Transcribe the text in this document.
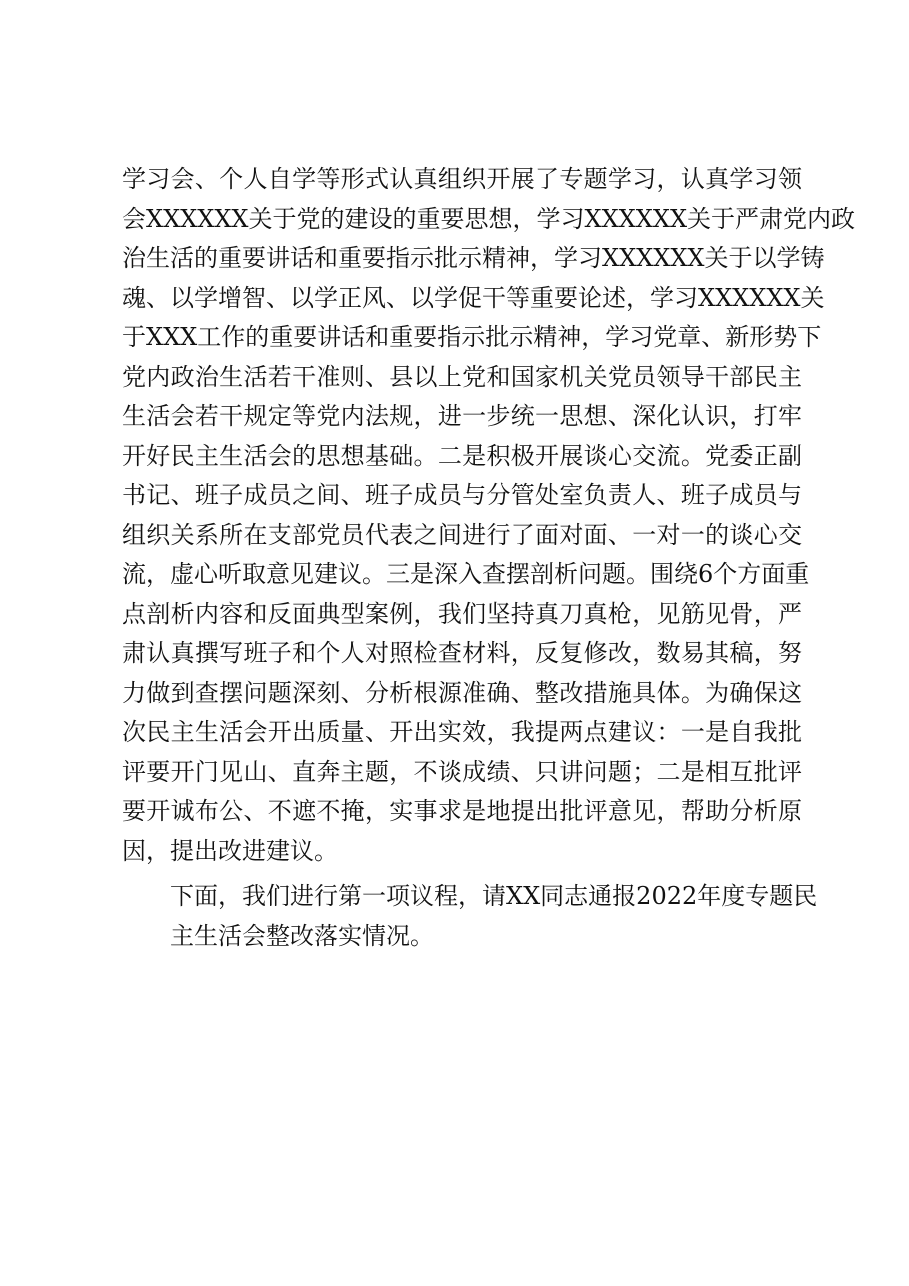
学习会、个人自学等形式认真组织开展了专题学习，认真学习领
会XXXXXX关于党的建设的重要思想，学习XXXXXX关于严肃党内政
治生活的重要讲话和重要指示批示精神，学习XXXXXX关于以学铸
魂、以学增智、以学正风、以学促干等重要论述，学习XXXXXX关
于XXX工作的重要讲话和重要指示批示精神，学习党章、新形势下
党内政治生活若干准则、县以上党和国家机关党员领导干部民主
生活会若干规定等党内法规，进一步统一思想、深化认识，打牢
开好民主生活会的思想基础。二是积极开展谈心交流。党委正副
书记、班子成员之间、班子成员与分管处室负责人、班子成员与
组织关系所在支部党员代表之间进行了面对面、一对一的谈心交
流，虚心听取意见建议。三是深入查摆剖析问题。围绕6个方面重
点剖析内容和反面典型案例，我们坚持真刀真枪，见筋见骨，严
肃认真撰写班子和个人对照检查材料，反复修改，数易其稿，努
力做到查摆问题深刻、分析根源准确、整改措施具体。为确保这
次民主生活会开出质量、开出实效，我提两点建议：一是自我批
评要开门见山、直奔主题，不谈成绩、只讲问题；二是相互批评
要开诚布公、不遮不掩，实事求是地提出批评意见，帮助分析原
因，提出改进建议。

下面，我们进行第一项议程，请XX同志通报2022年度专题民
主生活会整改落实情况。
